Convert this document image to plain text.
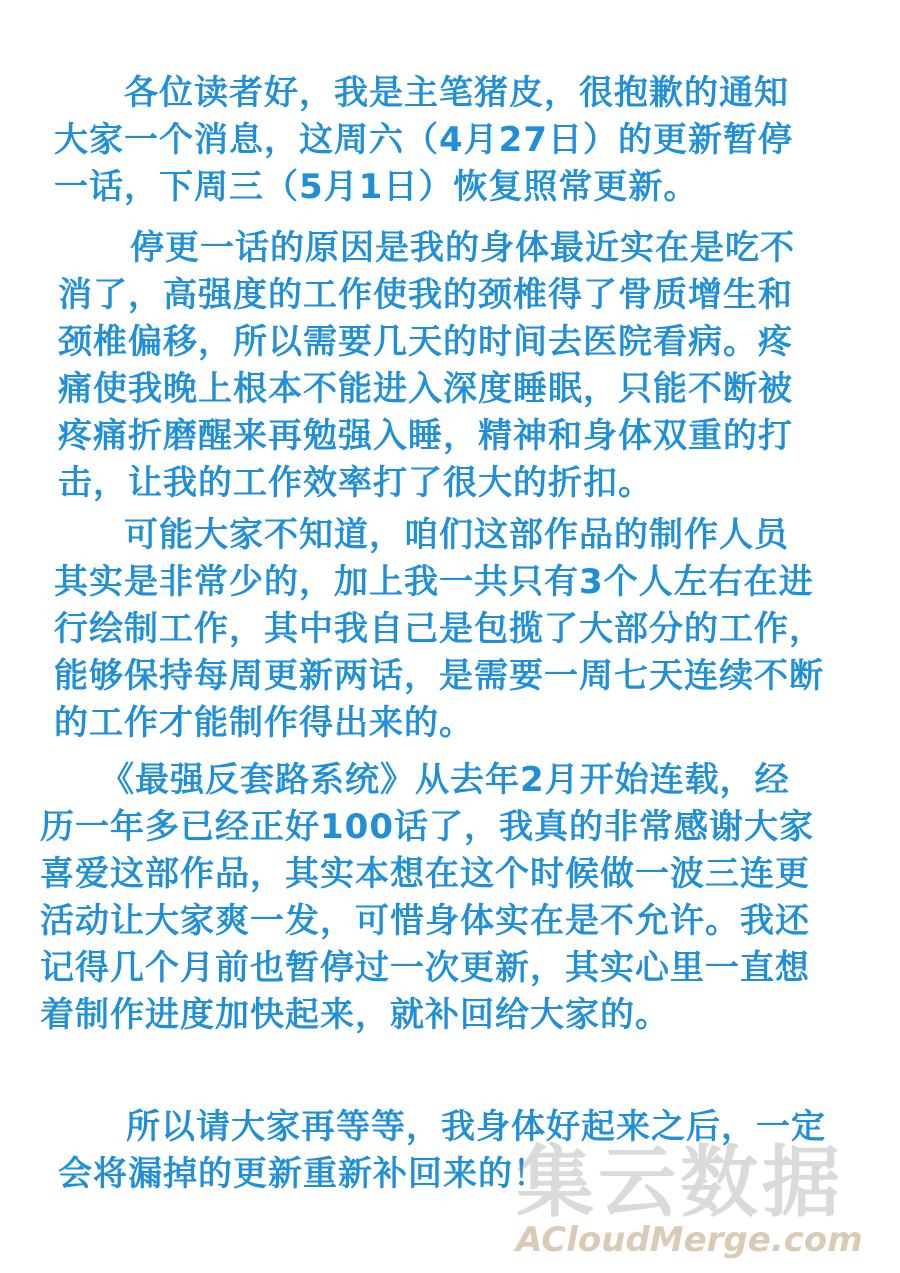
各位读者好，我是主笔猪皮，很抱歉的通知
大家一个消息，这周六（4月27日）的更新暂停
一话，下周三（5月1日）恢复照常更新。

停更一话的原因是我的身体最近实在是吃不
消了，高强度的工作使我的颈椎得了骨质增生和
颈椎偏移，所以需要几天的时间去医院看病。疼
痛使我晚上根本不能进入深度睡眠，只能不断被
疼痛折磨醒来再勉强入睡，精神和身体双重的打
击，让我的工作效率打了很大的折扣。

可能大家不知道，咱们这部作品的制作人员
其实是非常少的，加上我一共只有3个人左右在进
行绘制工作，其中我自己是包揽了大部分的工作，
能够保持每周更新两话，是需要一周七天连续不断
的工作才能制作得出来的。

《最强反套路系统》从去年2月开始连载，经
历一年多已经正好100话了，我真的非常感谢大家
喜爱这部作品，其实本想在这个时候做一波三连更
活动让大家爽一发，可惜身体实在是不允许。我还
记得几个月前也暂停过一次更新，其实心里一直想
着制作进度加快起来，就补回给大家的。

所以请大家再等等，我身体好起来之后，一定
会将漏掉的更新重新补回来的！

集云数据
ACloudMerge.com
